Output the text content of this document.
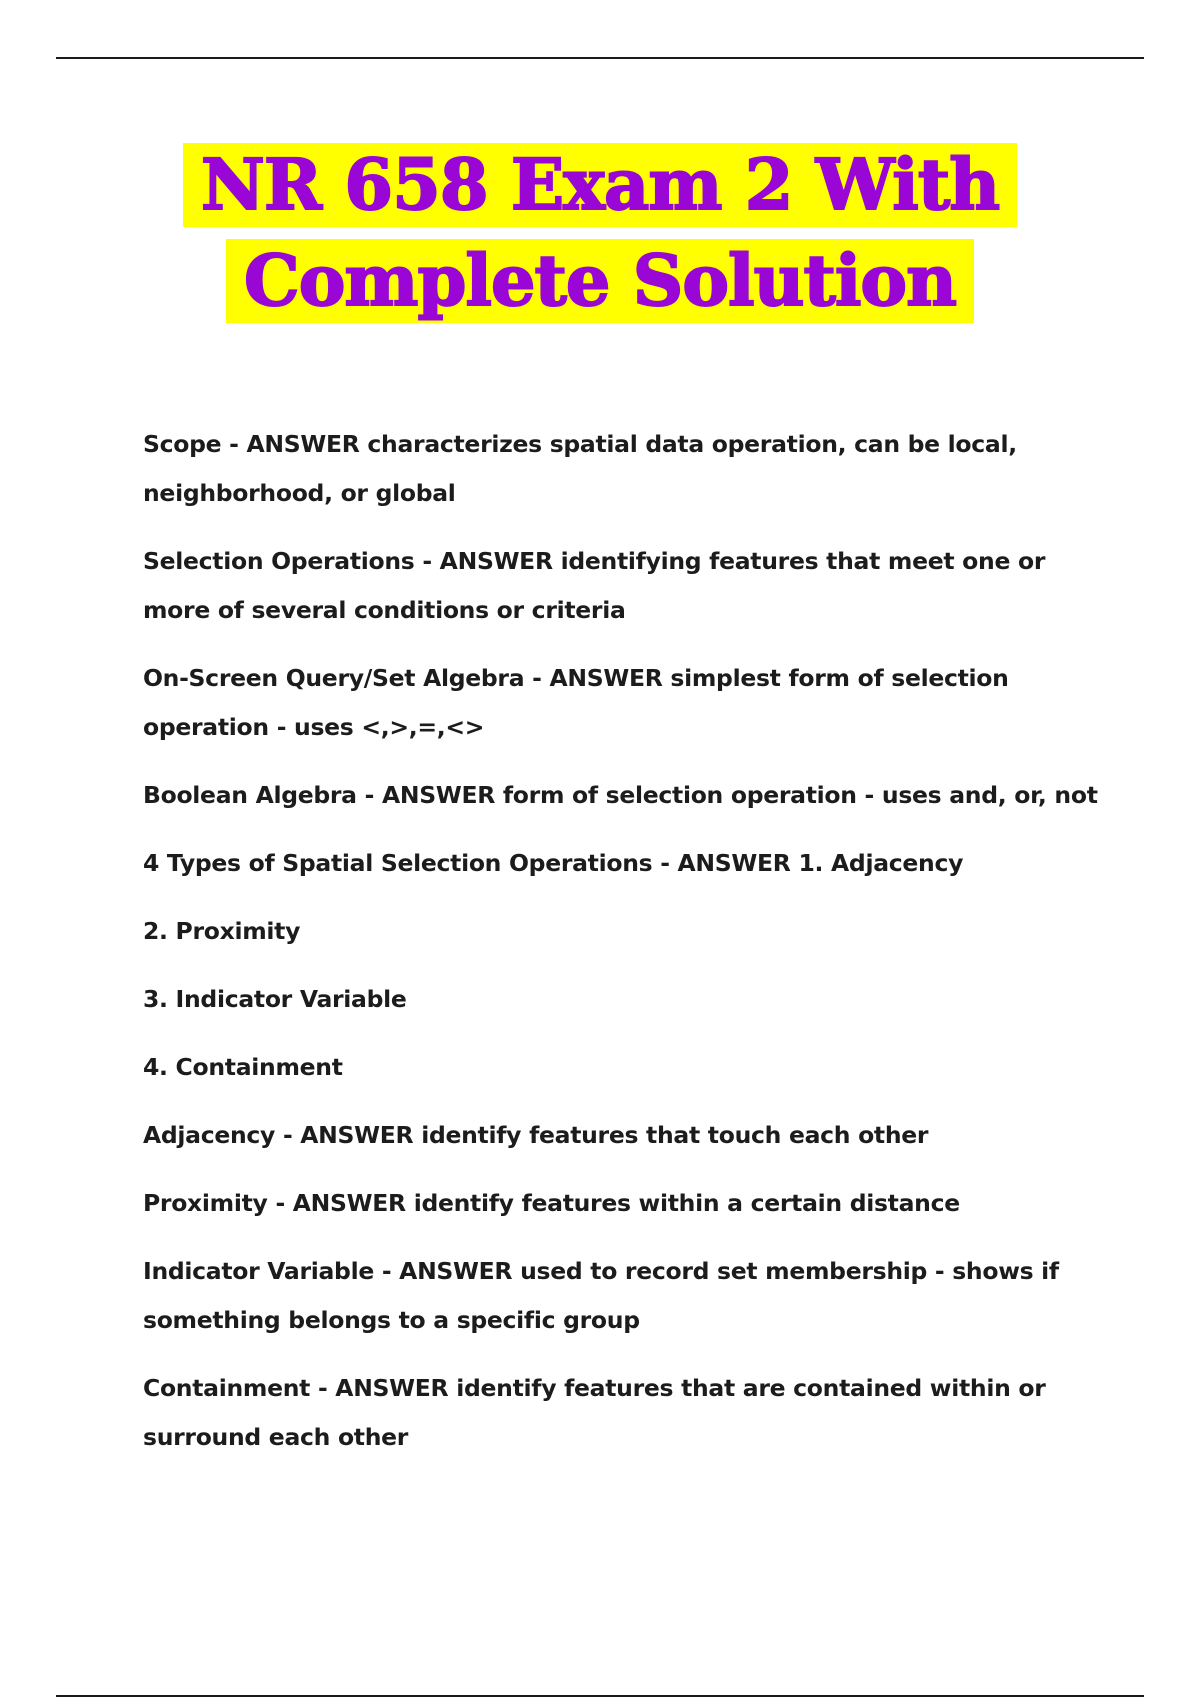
NR 658 Exam 2 With
Complete Solution

Scope - ANSWER characterizes spatial data operation, can be local, neighborhood, or global

Selection Operations - ANSWER identifying features that meet one or more of several conditions or criteria

On-Screen Query/Set Algebra - ANSWER simplest form of selection operation - uses <,>,=,<>

Boolean Algebra - ANSWER form of selection operation - uses and, or, not

4 Types of Spatial Selection Operations - ANSWER 1. Adjacency

2. Proximity

3. Indicator Variable

4. Containment

Adjacency - ANSWER identify features that touch each other

Proximity - ANSWER identify features within a certain distance

Indicator Variable - ANSWER used to record set membership - shows if something belongs to a specific group

Containment - ANSWER identify features that are contained within or surround each other
